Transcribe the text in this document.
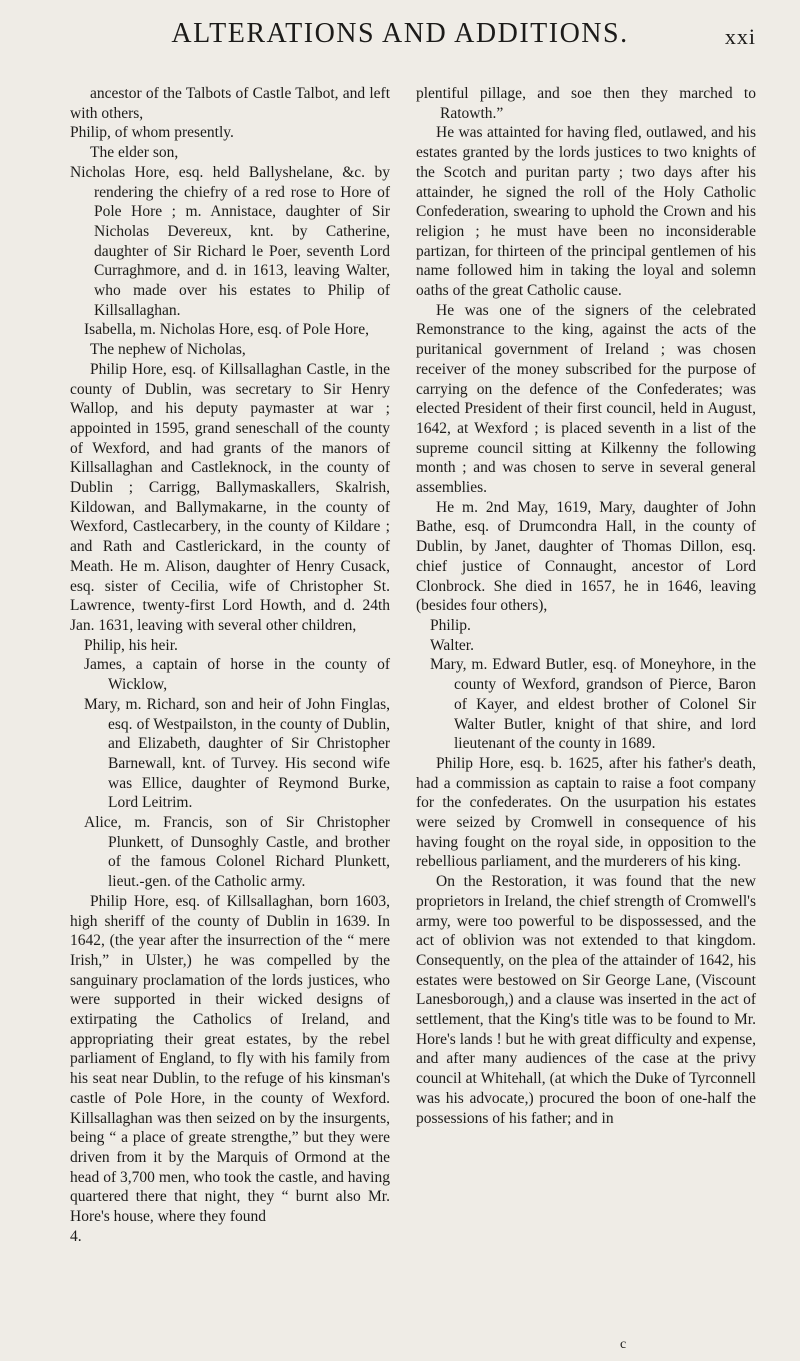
ALTERATIONS AND ADDITIONS.	xxi

ancestor of the Talbots of Castle Talbot, and left with others,

Philip, of whom presently.

The elder son,

Nicholas Hore, esq. held Ballyshelane, &c. by rendering the chiefry of a red rose to Hore of Pole Hore ; m. Annistace, daughter of Sir Nicholas Devereux, knt. by Catherine, daughter of Sir Richard le Poer, seventh Lord Curraghmore, and d. in 1613, leaving Walter, who made over his estates to Philip of Killsallaghan.

Isabella, m. Nicholas Hore, esq. of Pole Hore,

The nephew of Nicholas,

Philip Hore, esq. of Killsallaghan Castle, in the county of Dublin, was secretary to Sir Henry Wallop, and his deputy paymaster at war ; appointed in 1595, grand seneschall of the county of Wexford, and had grants of the manors of Killsallaghan and Castleknock, in the county of Dublin ; Carrigg, Ballymaskallers, Skalrish, Kildowan, and Ballymakarne, in the county of Wexford, Castlecarbery, in the county of Kildare ; and Rath and Castlerickard, in the county of Meath. He m. Alison, daughter of Henry Cusack, esq. sister of Cecilia, wife of Christopher St. Lawrence, twenty-first Lord Howth, and d. 24th Jan. 1631, leaving with several other children,

Philip, his heir.

James, a captain of horse in the county of Wicklow,

Mary, m. Richard, son and heir of John Finglas, esq. of Westpailston, in the county of Dublin, and Elizabeth, daughter of Sir Christopher Barnewall, knt. of Turvey. His second wife was Ellice, daughter of Reymond Burke, Lord Leitrim.

Alice, m. Francis, son of Sir Christopher Plunkett, of Dunsoghly Castle, and brother of the famous Colonel Richard Plunkett, lieut.-gen. of the Catholic army.

Philip Hore, esq. of Killsallaghan, born 1603, high sheriff of the county of Dublin in 1639. In 1642, (the year after the insurrection of the “ mere Irish,” in Ulster,) he was compelled by the sanguinary proclamation of the lords justices, who were supported in their wicked designs of extirpating the Catholics of Ireland, and appropriating their great estates, by the rebel parliament of England, to fly with his family from his seat near Dublin, to the refuge of his kinsman's castle of Pole Hore, in the county of Wexford. Killsallaghan was then seized on by the insurgents, being “ a place of greate strengthe,” but they were driven from it by the Marquis of Ormond at the head of 3,700 men, who took the castle, and having quartered there that night, they “ burnt also Mr. Hore's house, where they found

4.

plentiful pillage, and soe then they marched to Ratowth.”

He was attainted for having fled, outlawed, and his estates granted by the lords justices to two knights of the Scotch and puritan party ; two days after his attainder, he signed the roll of the Holy Catholic Confederation, swearing to uphold the Crown and his religion ; he must have been no inconsiderable partizan, for thirteen of the principal gentlemen of his name followed him in taking the loyal and solemn oaths of the great Catholic cause.

He was one of the signers of the celebrated Remonstrance to the king, against the acts of the puritanical government of Ireland ; was chosen receiver of the money subscribed for the purpose of carrying on the defence of the Confederates; was elected President of their first council, held in August, 1642, at Wexford ; is placed seventh in a list of the supreme council sitting at Kilkenny the following month ; and was chosen to serve in several general assemblies.

He m. 2nd May, 1619, Mary, daughter of John Bathe, esq. of Drumcondra Hall, in the county of Dublin, by Janet, daughter of Thomas Dillon, esq. chief justice of Connaught, ancestor of Lord Clonbrock. She died in 1657, he in 1646, leaving (besides four others),

Philip.

Walter.

Mary, m. Edward Butler, esq. of Moneyhore, in the county of Wexford, grandson of Pierce, Baron of Kayer, and eldest brother of Colonel Sir Walter Butler, knight of that shire, and lord lieutenant of the county in 1689.

Philip Hore, esq. b. 1625, after his father's death, had a commission as captain to raise a foot company for the confederates. On the usurpation his estates were seized by Cromwell in consequence of his having fought on the royal side, in opposition to the rebellious parliament, and the murderers of his king.

On the Restoration, it was found that the new proprietors in Ireland, the chief strength of Cromwell's army, were too powerful to be dispossessed, and the act of oblivion was not extended to that kingdom. Consequently, on the plea of the attainder of 1642, his estates were bestowed on Sir George Lane, (Viscount Lanesborough,) and a clause was inserted in the act of settlement, that the King's title was to be found to Mr. Hore's lands ! but he with great difficulty and expense, and after many audiences of the case at the privy council at Whitehall, (at which the Duke of Tyrconnell was his advocate,) procured the boon of one-half the possessions of his father; and in

c
